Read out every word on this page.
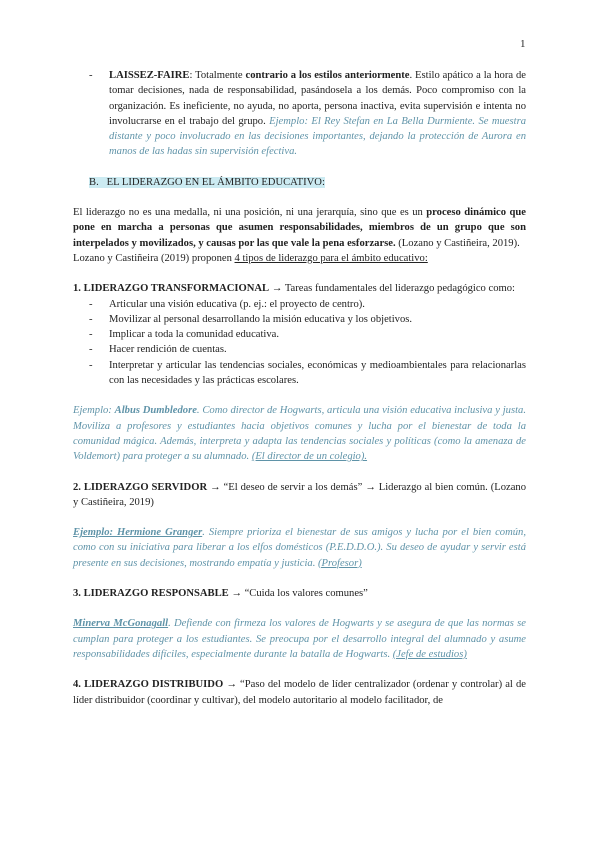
1

- LAISSEZ-FAIRE: Totalmente contrario a los estilos anteriormente. Estilo apático a la hora de tomar decisiones, nada de responsabilidad, pasándosela a los demás. Poco compromiso con la organización. Es ineficiente, no ayuda, no aporta, persona inactiva, evita supervisión e intenta no involucrarse en el trabajo del grupo. Ejemplo: El Rey Stefan en La Bella Durmiente. Se muestra distante y poco involucrado en las decisiones importantes, dejando la protección de Aurora en manos de las hadas sin supervisión efectiva.

B. EL LIDERAZGO EN EL ÁMBITO EDUCATIVO:

El liderazgo no es una medalla, ni una posición, ni una jerarquía, sino que es un proceso dinámico que pone en marcha a personas que asumen responsabilidades, miembros de un grupo que son interpelados y movilizados, y causas por las que vale la pena esforzarse. (Lozano y Castiñeira, 2019).

Lozano y Castiñeira (2019) proponen 4 tipos de liderazgo para el ámbito educativo:

1. LIDERAZGO TRANSFORMACIONAL → Tareas fundamentales del liderazgo pedagógico como:

- Articular una visión educativa (p. ej.: el proyecto de centro).
- Movilizar al personal desarrollando la misión educativa y los objetivos.
- Implicar a toda la comunidad educativa.
- Hacer rendición de cuentas.
- Interpretar y articular las tendencias sociales, económicas y medioambientales para relacionarlas con las necesidades y las prácticas escolares.

Ejemplo: Albus Dumbledore. Como director de Hogwarts, articula una visión educativa inclusiva y justa. Moviliza a profesores y estudiantes hacia objetivos comunes y lucha por el bienestar de toda la comunidad mágica. Además, interpreta y adapta las tendencias sociales y políticas (como la amenaza de Voldemort) para proteger a su alumnado. (El director de un colegio).

2. LIDERAZGO SERVIDOR → “El deseo de servir a los demás” → Liderazgo al bien común. (Lozano y Castiñeira, 2019)

Ejemplo: Hermione Granger. Siempre prioriza el bienestar de sus amigos y lucha por el bien común, como con su iniciativa para liberar a los elfos domésticos (P.E.D.D.O.). Su deseo de ayudar y servir está presente en sus decisiones, mostrando empatía y justicia. (Profesor)

3. LIDERAZGO RESPONSABLE → “Cuida los valores comunes”

Minerva McGonagall. Defiende con firmeza los valores de Hogwarts y se asegura de que las normas se cumplan para proteger a los estudiantes. Se preocupa por el desarrollo integral del alumnado y asume responsabilidades difíciles, especialmente durante la batalla de Hogwarts. (Jefe de estudios)

4. LIDERAZGO DISTRIBUIDO → “Paso del modelo de líder centralizador (ordenar y controlar) al de líder distribuidor (coordinar y cultivar), del modelo autoritario al modelo facilitador, de
